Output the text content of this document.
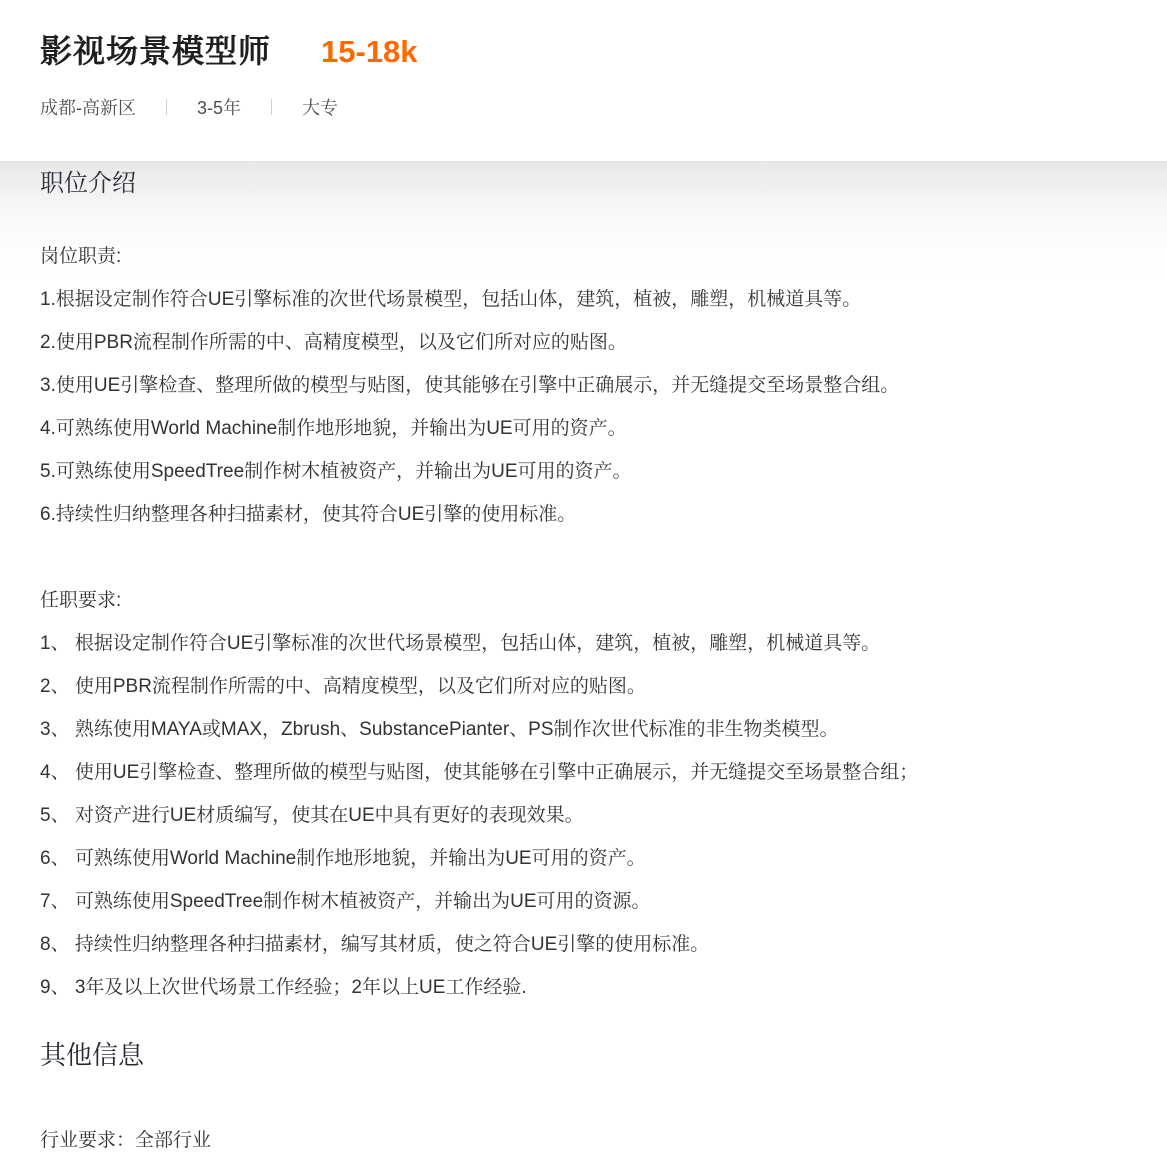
影视场景模型师 15-18k
成都-高新区	3-5年	大专
职位介绍
岗位职责:
1.根据设定制作符合UE引擎标准的次世代场景模型，包括山体，建筑，植被，雕塑，机械道具等。
2.使用PBR流程制作所需的中、高精度模型，以及它们所对应的贴图。
3.使用UE引擎检查、整理所做的模型与贴图，使其能够在引擎中正确展示，并无缝提交至场景整合组。
4.可熟练使用World Machine制作地形地貌，并输出为UE可用的资产。
5.可熟练使用SpeedTree制作树木植被资产，并输出为UE可用的资产。
6.持续性归纳整理各种扫描素材，使其符合UE引擎的使用标准。
任职要求:
1、 根据设定制作符合UE引擎标准的次世代场景模型，包括山体，建筑，植被，雕塑，机械道具等。
2、 使用PBR流程制作所需的中、高精度模型，以及它们所对应的贴图。
3、 熟练使用MAYA或MAX，Zbrush、SubstancePianter、PS制作次世代标准的非生物类模型。
4、 使用UE引擎检查、整理所做的模型与贴图，使其能够在引擎中正确展示，并无缝提交至场景整合组；
5、 对资产进行UE材质编写，使其在UE中具有更好的表现效果。
6、 可熟练使用World Machine制作地形地貌，并输出为UE可用的资产。
7、 可熟练使用SpeedTree制作树木植被资产，并输出为UE可用的资源。
8、 持续性归纳整理各种扫描素材，编写其材质，使之符合UE引擎的使用标准。
9、 3年及以上次世代场景工作经验；2年以上UE工作经验.
其他信息
行业要求：全部行业
